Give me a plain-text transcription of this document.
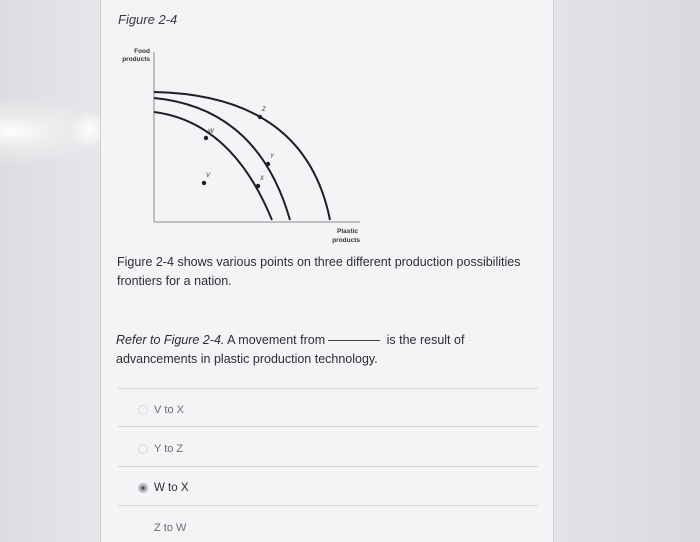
Figure 2-4
Food
products
W
V
Z
Y
X
Plastic
products
Figure 2-4 shows various points on three different production possibilities frontiers for a nation.
Refer to Figure 2-4. A movement from	is the result of advancements in plastic production technology.
V to X
Y to Z
W to X
Z to W
